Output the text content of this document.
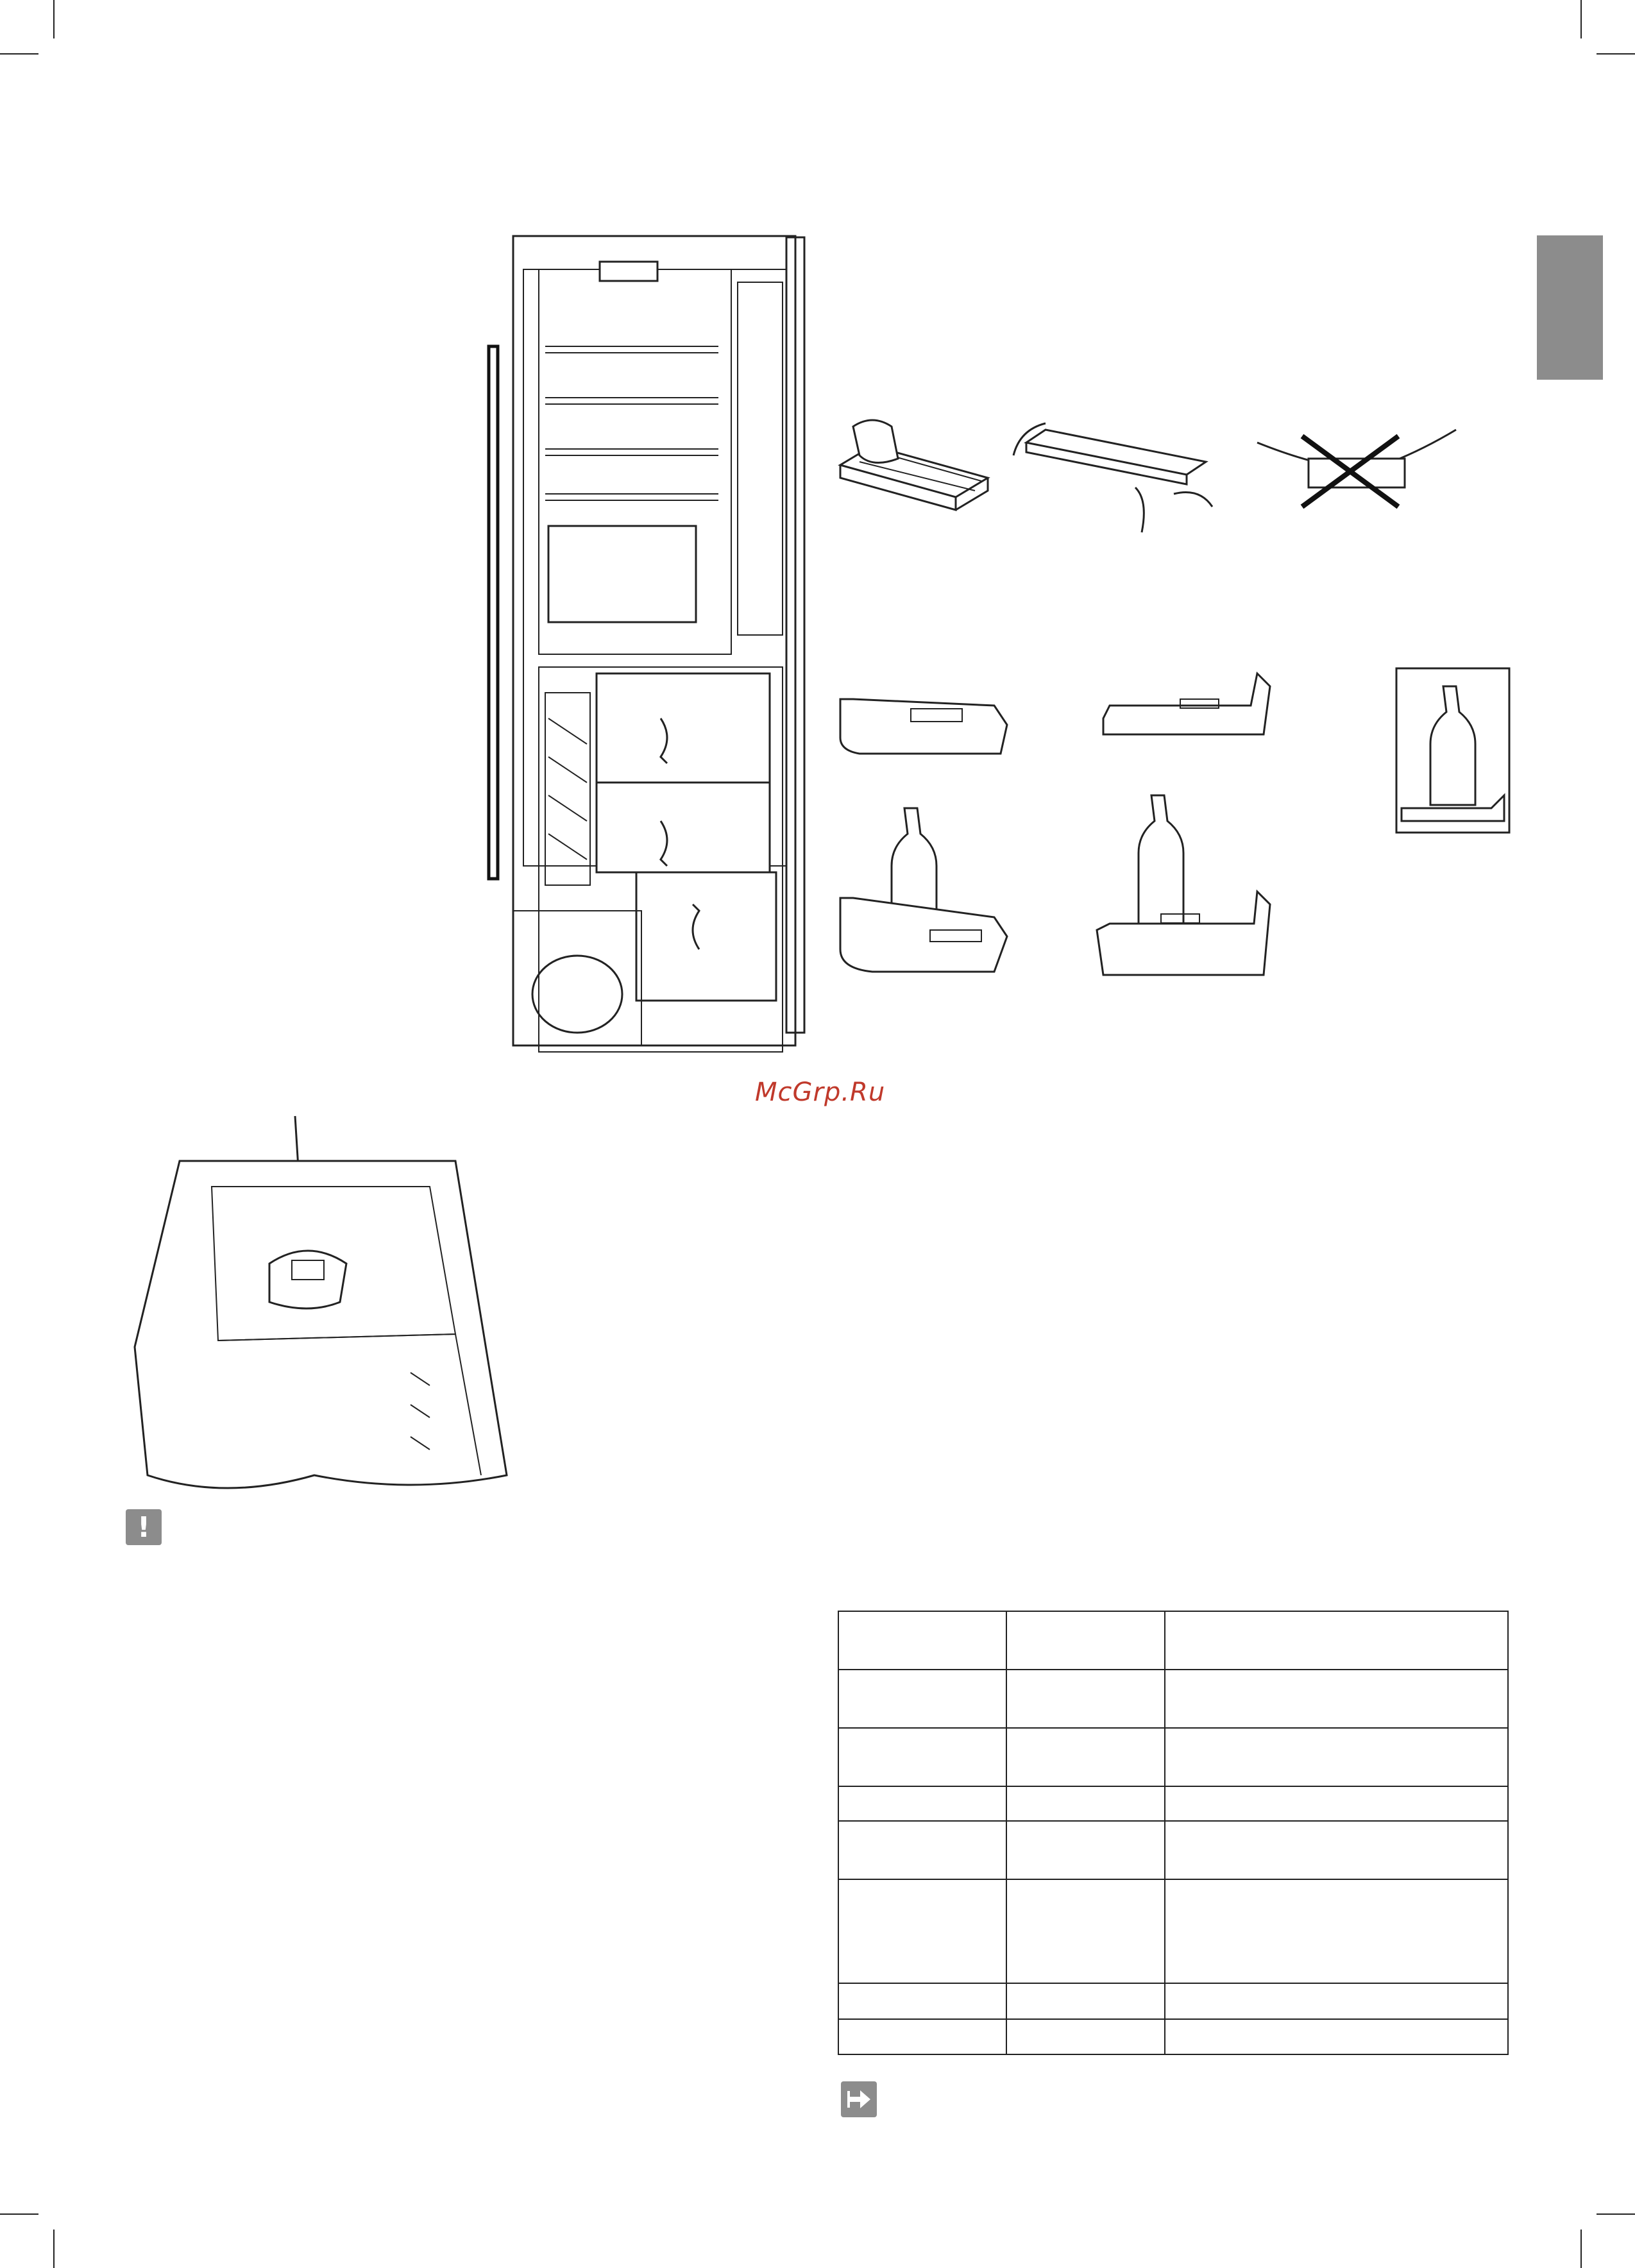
McGrp.Ru
!
